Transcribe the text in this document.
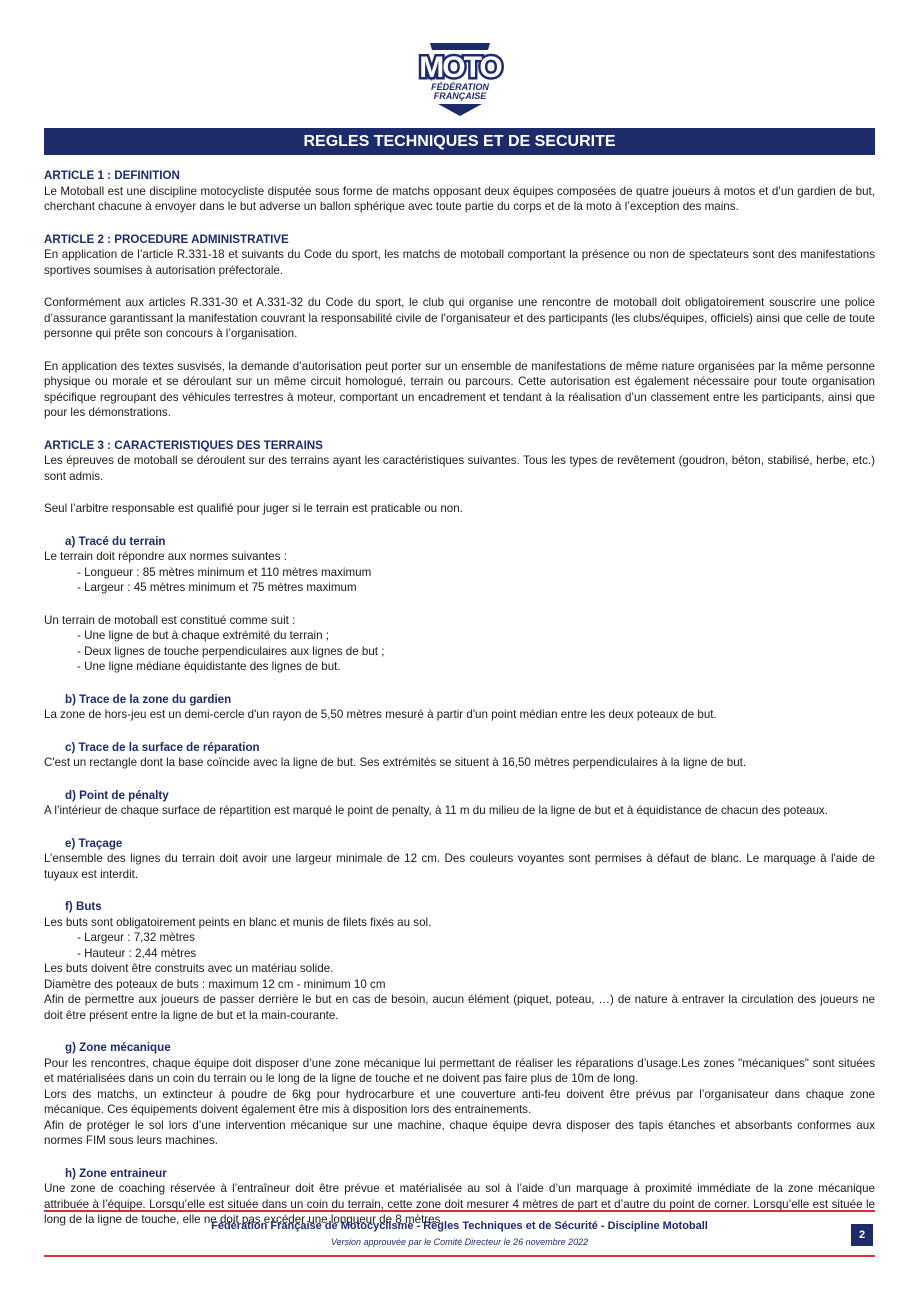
MOTO
FÉDÉRATION
FRANÇAISE
REGLES TECHNIQUES ET DE SECURITE

ARTICLE 1 : DEFINITION

Le Motoball est une discipline motocycliste disputée sous forme de matchs opposant deux équipes composées de quatre joueurs à motos et d’un gardien de but, cherchant chacune à envoyer dans le but adverse un ballon sphérique avec toute partie du corps et de la moto à l’exception des mains.

ARTICLE 2 : PROCEDURE ADMINISTRATIVE

En application de l’article R.331-18 et suivants du Code du sport, les matchs de motoball comportant la présence ou non de spectateurs sont des manifestations sportives soumises à autorisation préfectorale.

Conformément aux articles R.331-30 et A.331-32 du Code du sport, le club qui organise une rencontre de motoball doit obligatoirement souscrire une police d’assurance garantissant la manifestation couvrant la responsabilité civile de l’organisateur et des participants (les clubs/équipes, officiels) ainsi que celle de toute personne qui prête son concours à l’organisation.

En application des textes susvisés, la demande d’autorisation peut porter sur un ensemble de manifestations de même nature organisées par la même personne physique ou morale et se déroulant sur un même circuit homologué, terrain ou parcours. Cette autorisation est également nécessaire pour toute organisation spécifique regroupant des véhicules terrestres à moteur, comportant un encadrement et tendant à la réalisation d’un classement entre les participants, ainsi que pour les démonstrations.

ARTICLE 3 : CARACTERISTIQUES DES TERRAINS

Les épreuves de motoball se déroulent sur des terrains ayant les caractéristiques suivantes. Tous les types de revêtement (goudron, béton, stabilisé, herbe, etc.) sont admis.

Seul l’arbitre responsable est qualifié pour juger si le terrain est praticable ou non.

a) Tracé du terrain

Le terrain doit répondre aux normes suivantes :

- Longueur : 85 mètres minimum et 110 mètres maximum
- Largeur : 45 mètres minimum et 75 mètres maximum

Un terrain de motoball est constitué comme suit :

- Une ligne de but à chaque extrémité du terrain ;
- Deux lignes de touche perpendiculaires aux lignes de but ;
- Une ligne médiane équidistante des lignes de but.

b) Trace de la zone du gardien

La zone de hors-jeu est un demi-cercle d'un rayon de 5,50 mètres mesuré à partir d'un point médian entre les deux poteaux de but.

c) Trace de la surface de réparation

C'est un rectangle dont la base coïncide avec la ligne de but. Ses extrémités se situent à 16,50 mètres perpendiculaires à la ligne de but.

d) Point de pénalty

A l’intérieur de chaque surface de répartition est marqué le point de penalty, à 11 m du milieu de la ligne de but et à équidistance de chacun des poteaux.

e) Traçage

L’ensemble des lignes du terrain doit avoir une largeur minimale de 12 cm. Des couleurs voyantes sont permises à défaut de blanc. Le marquage à l'aide de tuyaux est interdit.

f) Buts

Les buts sont obligatoirement peints en blanc et munis de filets fixés au sol.

- Largeur : 7,32 mètres
- Hauteur : 2,44 mètres

Les buts doivent être construits avec un matériau solide.

Diamètre des poteaux de buts : maximum 12 cm - minimum 10 cm

Afin de permettre aux joueurs de passer derrière le but en cas de besoin, aucun élément (piquet, poteau, …) de nature à entraver la circulation des joueurs ne doit être présent entre la ligne de but et la main-courante.

g) Zone mécanique

Pour les rencontres, chaque équipe doit disposer d’une zone mécanique lui permettant de réaliser les réparations d’usage.Les zones "mécaniques" sont situées et matérialisées dans un coin du terrain ou le long de la ligne de touche et ne doivent pas faire plus de 10m de long.

Lors des matchs, un extincteur à poudre de 6kg pour hydrocarbure et une couverture anti-feu doivent être prévus par l’organisateur dans chaque zone mécanique. Ces équipements doivent également être mis à disposition lors des entrainements.

Afin de protéger le sol lors d’une intervention mécanique sur une machine, chaque équipe devra disposer des tapis étanches et absorbants conformes aux normes FIM sous leurs machines.

h) Zone entraineur

Une zone de coaching réservée à l’entraîneur doit être prévue et matérialisée au sol à l’aide d’un marquage à proximité immédiate de la zone mécanique attribuée à l’équipe. Lorsqu’elle est située dans un coin du terrain, cette zone doit mesurer 4 mètres de part et d’autre du point de corner. Lorsqu’elle est située le long de la ligne de touche, elle ne doit pas excéder une longueur de 8 mètres.

Fédération Française de Motocyclisme - Règles Techniques et de Sécurité - Discipline Motoball
Version approuvée par le Comité Directeur le 26 novembre 2022
2
